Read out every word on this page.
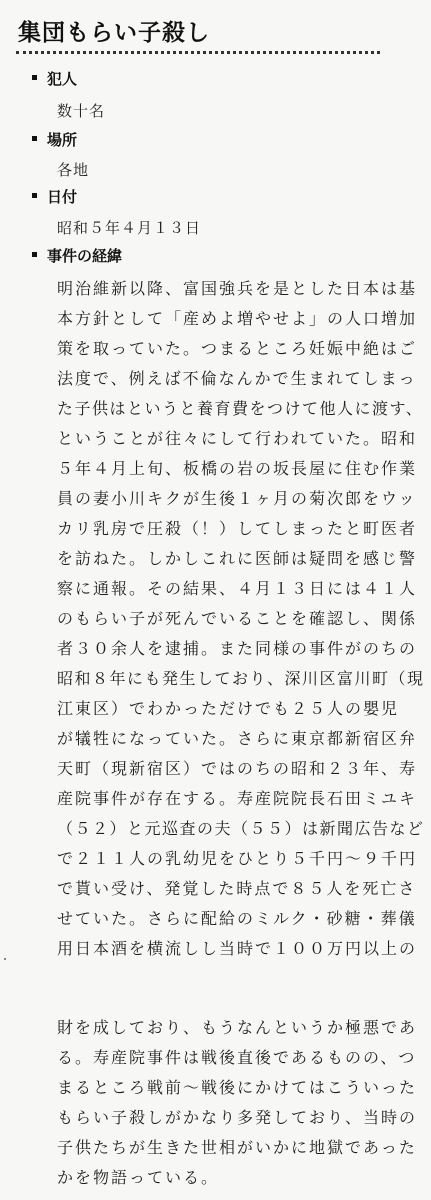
集団もらい子殺し
犯人
数十名
場所
各地
日付
昭和５年４月１３日
事件の経緯
明治維新以降、富国強兵を是とした日本は基
本方針として「産めよ増やせよ」の人口増加
策を取っていた。つまるところ妊娠中絶はご
法度で、例えば不倫なんかで生まれてしまっ
た子供はというと養育費をつけて他人に渡す、
ということが往々にして行われていた。昭和
５年４月上旬、板橋の岩の坂長屋に住む作業
員の妻小川キクが生後１ヶ月の菊次郎をウッ
カリ乳房で圧殺（！）してしまったと町医者
を訪ねた。しかしこれに医師は疑問を感じ警
察に通報。その結果、４月１３日には４１人
のもらい子が死んでいることを確認し、関係
者３０余人を逮捕。また同様の事件がのちの
昭和８年にも発生しており、深川区富川町（現
江東区）でわかっただけでも２５人の嬰児
が犠牲になっていた。さらに東京都新宿区弁
天町（現新宿区）ではのちの昭和２３年、寿
産院事件が存在する。寿産院院長石田ミユキ
（５２）と元巡査の夫（５５）は新聞広告など
で２１１人の乳幼児をひとり５千円〜９千円
で貰い受け、発覚した時点で８５人を死亡さ
せていた。さらに配給のミルク・砂糖・葬儀
用日本酒を横流しし当時で１００万円以上の
財を成しており、もうなんというか極悪であ
る。寿産院事件は戦後直後であるものの、つ
まるところ戦前〜戦後にかけてはこういった
もらい子殺しがかなり多発しており、当時の
子供たちが生きた世相がいかに地獄であった
かを物語っている。
